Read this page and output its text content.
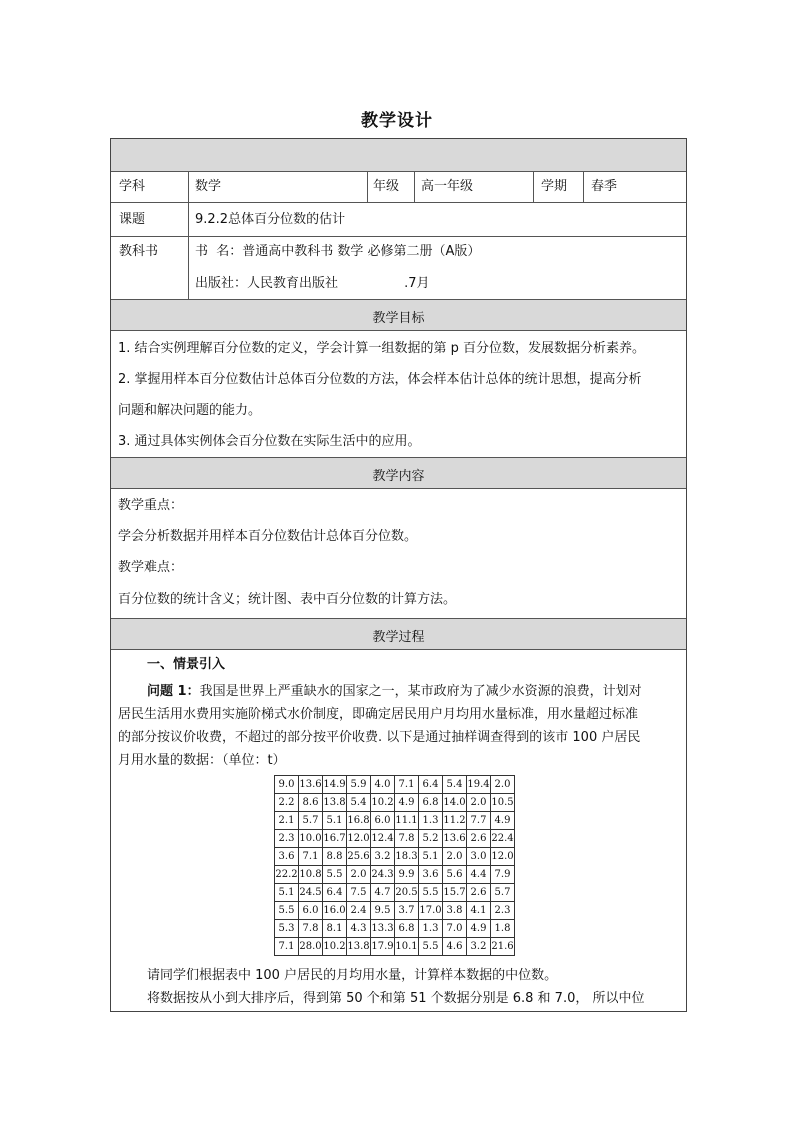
教学设计
学科	数学	年级 高一年级	学期 春季
课题	9.2.2总体百分位数的估计
教科书	书  名：普通高中教科书 数学 必修第二册（A版）
出版社：人民教育出版社                .7月
教学目标
1. 结合实例理解百分位数的定义，学会计算一组数据的第 p 百分位数，发展数据分析素养。
2. 掌握用样本百分位数估计总体百分位数的方法，体会样本估计总体的统计思想，提高分析
问题和解决问题的能力。
3. 通过具体实例体会百分位数在实际生活中的应用。
教学内容
教学重点：
学会分析数据并用样本百分位数估计总体百分位数。
教学难点：
百分位数的统计含义；统计图、表中百分位数的计算方法。
教学过程
一、情景引入
问题 1：我国是世界上严重缺水的国家之一，某市政府为了减少水资源的浪费，计划对
居民生活用水费用实施阶梯式水价制度，即确定居民用户月均用水量标准，用水量超过标准
的部分按议价收费，不超过的部分按平价收费. 以下是通过抽样调查得到的该市 100 户居民
月用水量的数据：（单位：t）
9.0	13.6	14.9	5.9	4.0	7.1	6.4	5.4	19.4	2.0
2.2	8.6	13.8	5.4	10.2	4.9	6.8	14.0	2.0	10.5
2.1	5.7	5.1	16.8	6.0	11.1	1.3	11.2	7.7	4.9
2.3	10.0	16.7	12.0	12.4	7.8	5.2	13.6	2.6	22.4
3.6	7.1	8.8	25.6	3.2	18.3	5.1	2.0	3.0	12.0
22.2	10.8	5.5	2.0	24.3	9.9	3.6	5.6	4.4	7.9
5.1	24.5	6.4	7.5	4.7	20.5	5.5	15.7	2.6	5.7
5.5	6.0	16.0	2.4	9.5	3.7	17.0	3.8	4.1	2.3
5.3	7.8	8.1	4.3	13.3	6.8	1.3	7.0	4.9	1.8
7.1	28.0	10.2	13.8	17.9	10.1	5.5	4.6	3.2	21.6
请同学们根据表中 100 户居民的月均用水量，计算样本数据的中位数。
将数据按从小到大排序后，得到第 50 个和第 51 个数据分别是 6.8 和 7.0， 所以中位
